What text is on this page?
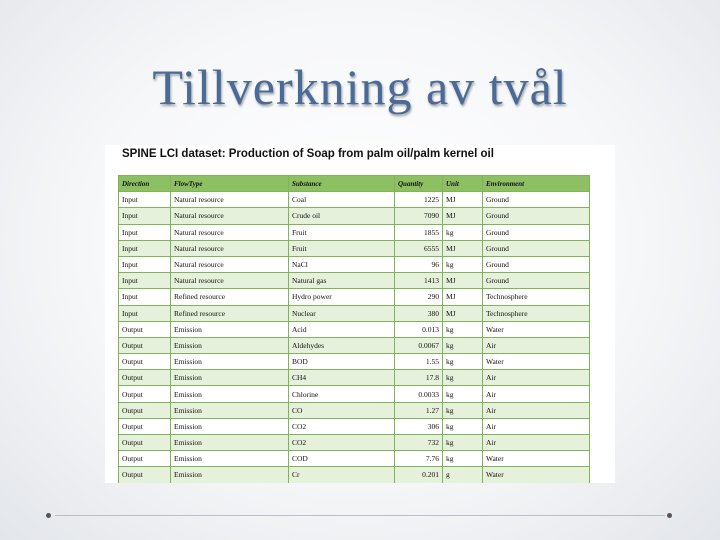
Tillverkning av tvål
SPINE LCI dataset: Production of Soap from palm oil/palm kernel oil
Direction	FlowType	Substance	Quantity	Unit	Environment
Input	Natural resource	Coal	1225	MJ	Ground
Input	Natural resource	Crude oil	7090	MJ	Ground
Input	Natural resource	Fruit	1855	kg	Ground
Input	Natural resource	Fruit	6555	MJ	Ground
Input	Natural resource	NaCl	96	kg	Ground
Input	Natural resource	Natural gas	1413	MJ	Ground
Input	Refined resource	Hydro power	290	MJ	Technosphere
Input	Refined resource	Nuclear	380	MJ	Technosphere
Output	Emission	Acid	0.013	kg	Water
Output	Emission	Aldehydes	0.0067	kg	Air
Output	Emission	BOD	1.55	kg	Water
Output	Emission	CH4	17.8	kg	Air
Output	Emission	Chlorine	0.0033	kg	Air
Output	Emission	CO	1.27	kg	Air
Output	Emission	CO2	306	kg	Air
Output	Emission	CO2	732	kg	Air
Output	Emission	COD	7.76	kg	Water
Output	Emission	Cr	0.201	g	Water
